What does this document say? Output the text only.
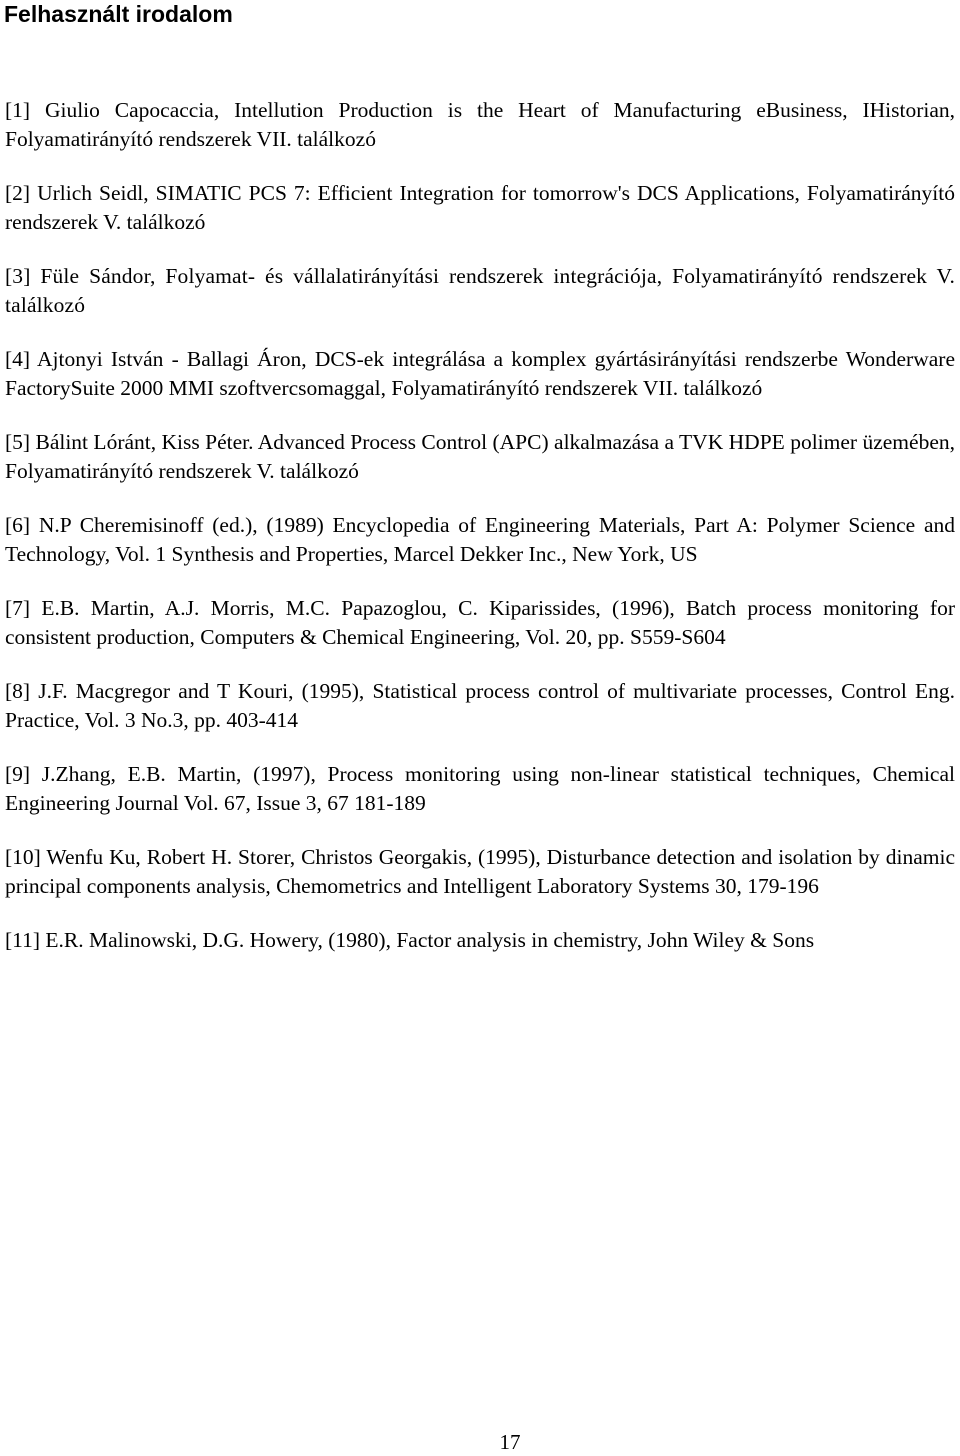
Felhasznált irodalom
[1] Giulio Capocaccia, Intellution Production is the Heart of Manufacturing eBusiness, IHistorian, Folyamatirányító rendszerek VII. találkozó
[2] Urlich Seidl, SIMATIC PCS 7: Efficient Integration for tomorrow's DCS Applications, Folyamatirányító rendszerek V. találkozó
[3] Füle Sándor, Folyamat- és vállalatirányítási rendszerek integrációja, Folyamatirányító rendszerek V. találkozó
[4] Ajtonyi István - Ballagi Áron, DCS-ek integrálása a komplex gyártásirányítási rendszerbe Wonderware FactorySuite 2000 MMI szoftvercsomaggal, Folyamatirányító rendszerek VII. találkozó
[5] Bálint Lóránt, Kiss Péter. Advanced Process Control (APC) alkalmazása a TVK HDPE polimer üzemében, Folyamatirányító rendszerek V. találkozó
[6] N.P Cheremisinoff (ed.), (1989) Encyclopedia of Engineering Materials, Part A: Polymer Science and Technology, Vol. 1 Synthesis and Properties, Marcel Dekker Inc., New York, US
[7] E.B. Martin, A.J. Morris, M.C. Papazoglou, C. Kiparissides, (1996), Batch process monitoring for consistent production, Computers & Chemical Engineering, Vol. 20, pp. S559-S604
[8] J.F. Macgregor and T Kouri, (1995), Statistical process control of multivariate processes, Control Eng. Practice, Vol. 3 No.3, pp. 403-414
[9] J.Zhang, E.B. Martin, (1997), Process monitoring using non-linear statistical techniques, Chemical Engineering Journal Vol. 67, Issue 3, 67 181-189
[10] Wenfu Ku, Robert H. Storer, Christos Georgakis, (1995), Disturbance detection and isolation by dinamic principal components analysis, Chemometrics and Intelligent Laboratory Systems 30, 179-196
[11] E.R. Malinowski, D.G. Howery, (1980), Factor analysis in chemistry, John Wiley & Sons
17
